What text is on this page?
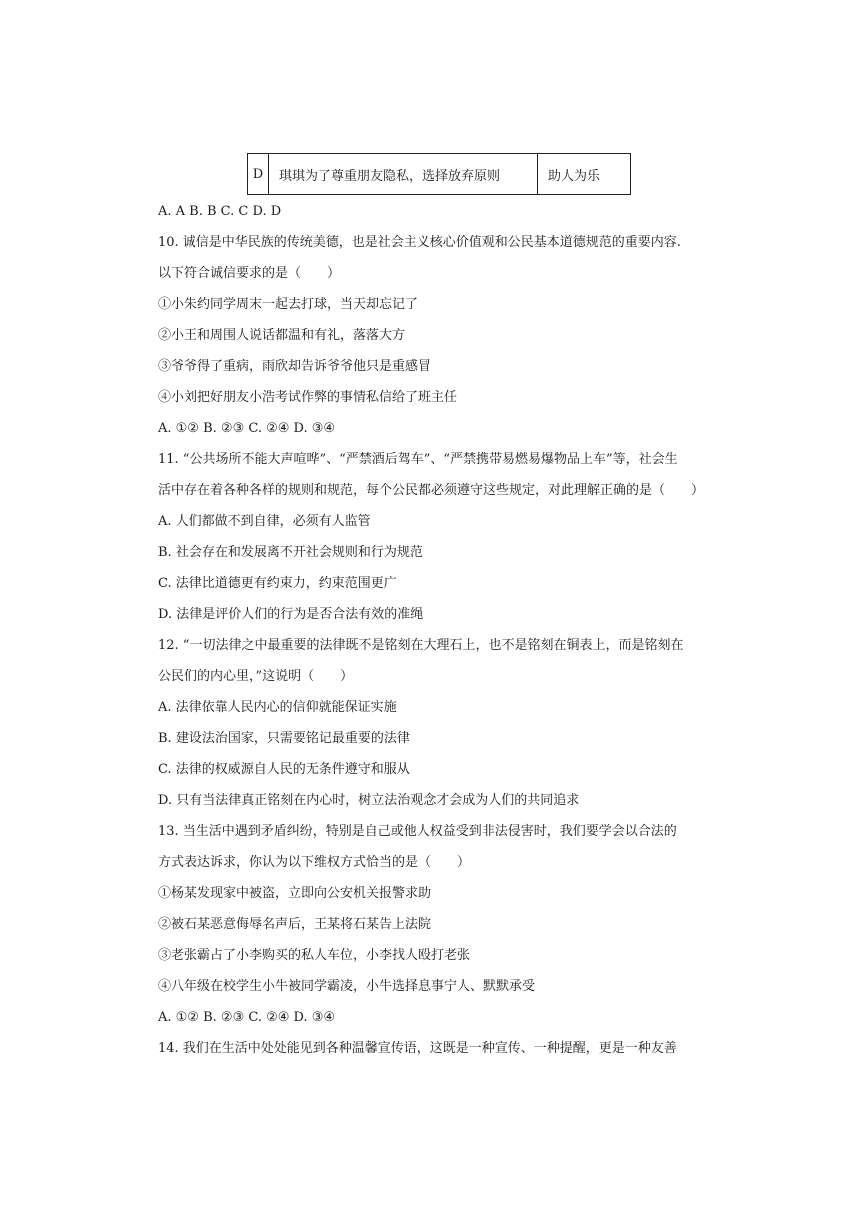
D	琪琪为了尊重朋友隐私，选择放弃原则	助人为乐
A. A B. B C. C D. D
10. 诚信是中华民族的传统美德，也是社会主义核心价值观和公民基本道德规范的重要内容.
以下符合诚信要求的是（　　）
①小朱约同学周末一起去打球，当天却忘记了
②小王和周围人说话都温和有礼，落落大方
③爷爷得了重病，雨欣却告诉爷爷他只是重感冒
④小刘把好朋友小浩考试作弊的事情私信给了班主任
A. ①② B. ②③ C. ②④ D. ③④
11. “公共场所不能大声喧哗”、“严禁酒后驾车”、“严禁携带易燃易爆物品上车”等，社会生
活中存在着各种各样的规则和规范，每个公民都必须遵守这些规定，对此理解正确的是（　　）
A. 人们都做不到自律，必须有人监管
B. 社会存在和发展离不开社会规则和行为规范
C. 法律比道德更有约束力，约束范围更广
D. 法律是评价人们的行为是否合法有效的准绳
12. “一切法律之中最重要的法律既不是铭刻在大理石上，也不是铭刻在铜表上，而是铭刻在
公民们的内心里，”这说明（　　）
A. 法律依靠人民内心的信仰就能保证实施
B. 建设法治国家，只需要铭记最重要的法律
C. 法律的权威源自人民的无条件遵守和服从
D. 只有当法律真正铭刻在内心时，树立法治观念才会成为人们的共同追求
13. 当生活中遇到矛盾纠纷，特别是自己或他人权益受到非法侵害时，我们要学会以合法的
方式表达诉求，你认为以下维权方式恰当的是（　　）
①杨某发现家中被盗，立即向公安机关报警求助
②被石某恶意侮辱名声后，王某将石某告上法院
③老张霸占了小李购买的私人车位，小李找人殴打老张
④八年级在校学生小牛被同学霸凌，小牛选择息事宁人、默默承受
A. ①② B. ②③ C. ②④ D. ③④
14. 我们在生活中处处能见到各种温馨宣传语，这既是一种宣传、一种提醒，更是一种友善
